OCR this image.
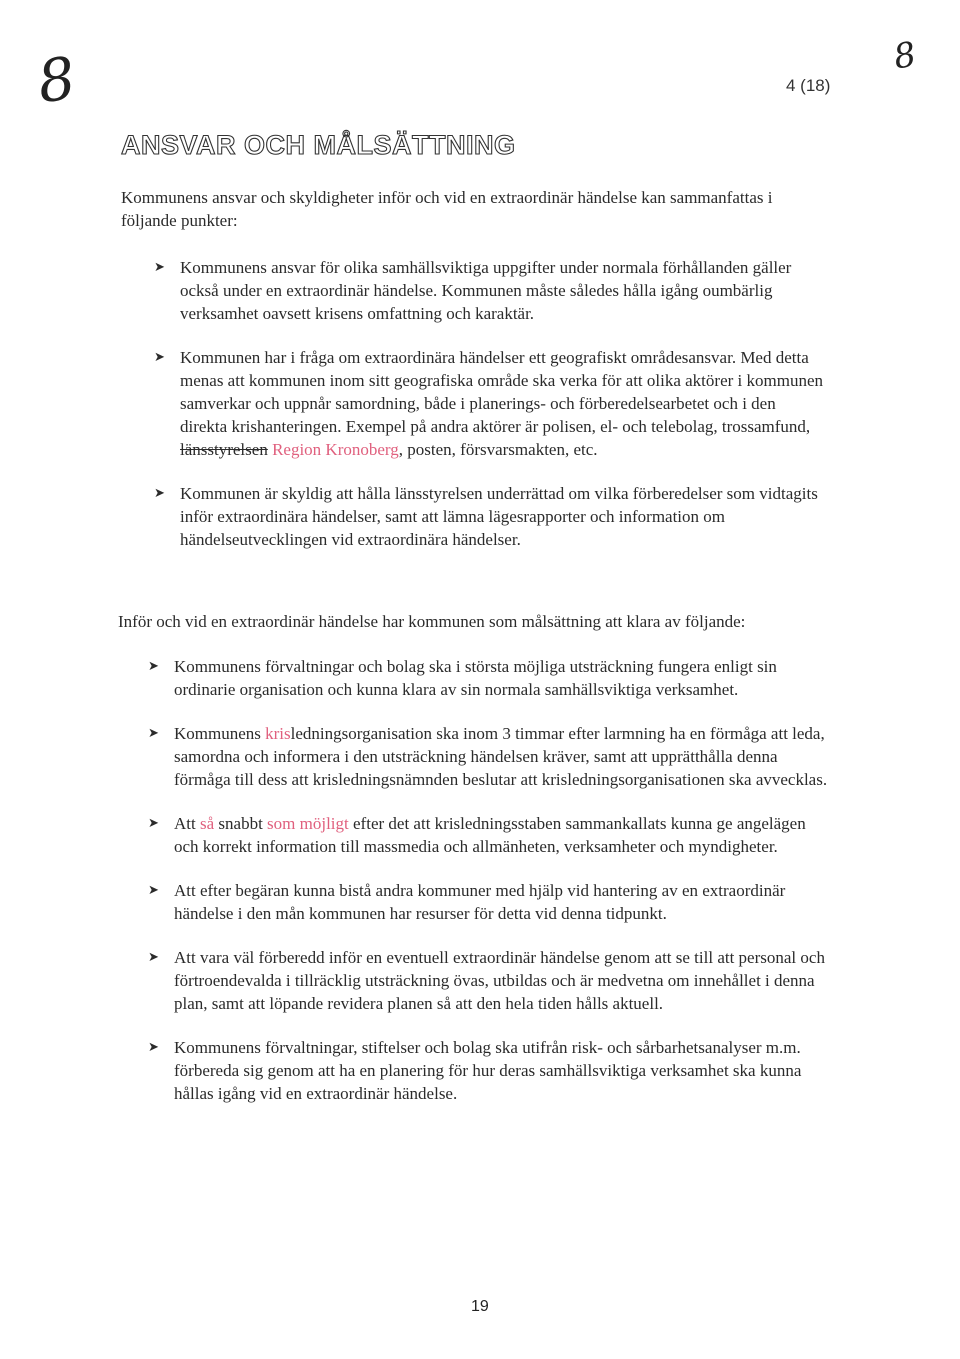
8	8
4 (18)
ANSVAR OCH MÅLSÄTTNING

Kommunens ansvar och skyldigheter inför och vid en extraordinär händelse kan sammanfattas i följande punkter:

➤ Kommunens ansvar för olika samhällsviktiga uppgifter under normala förhållanden gäller också under en extraordinär händelse. Kommunen måste således hålla igång oumbärlig verksamhet oavsett krisens omfattning och karaktär.
➤ Kommunen har i fråga om extraordinära händelser ett geografiskt områdesansvar. Med detta menas att kommunen inom sitt geografiska område ska verka för att olika aktörer i kommunen samverkar och uppnår samordning, både i planerings- och förberedelsearbetet och i den direkta krishanteringen. Exempel på andra aktörer är polisen, el- och telebolag, trossamfund, länsstyrelsen Region Kronoberg, posten, försvarsmakten, etc.
➤ Kommunen är skyldig att hålla länsstyrelsen underrättad om vilka förberedelser som vidtagits inför extraordinära händelser, samt att lämna lägesrapporter och information om händelseutvecklingen vid extraordinära händelser.

Inför och vid en extraordinär händelse har kommunen som målsättning att klara av följande:

➤ Kommunens förvaltningar och bolag ska i största möjliga utsträckning fungera enligt sin ordinarie organisation och kunna klara av sin normala samhällsviktiga verksamhet.
➤ Kommunens krisledningsorganisation ska inom 3 timmar efter larmning ha en förmåga att leda, samordna och informera i den utsträckning händelsen kräver, samt att upprätthålla denna förmåga till dess att krisledningsnämnden beslutar att krisledningsorganisationen ska avvecklas.
➤ Att så snabbt som möjligt efter det att krisledningsstaben sammankallats kunna ge angelägen och korrekt information till massmedia och allmänheten, verksamheter och myndigheter.
➤ Att efter begäran kunna bistå andra kommuner med hjälp vid hantering av en extraordinär händelse i den mån kommunen har resurser för detta vid denna tidpunkt.
➤ Att vara väl förberedd inför en eventuell extraordinär händelse genom att se till att personal och förtroendevalda i tillräcklig utsträckning övas, utbildas och är medvetna om innehållet i denna plan, samt att löpande revidera planen så att den hela tiden hålls aktuell.
➤ Kommunens förvaltningar, stiftelser och bolag ska utifrån risk- och sårbarhetsanalyser m.m. förbereda sig genom att ha en planering för hur deras samhällsviktiga verksamhet ska kunna hållas igång vid en extraordinär händelse.
19
